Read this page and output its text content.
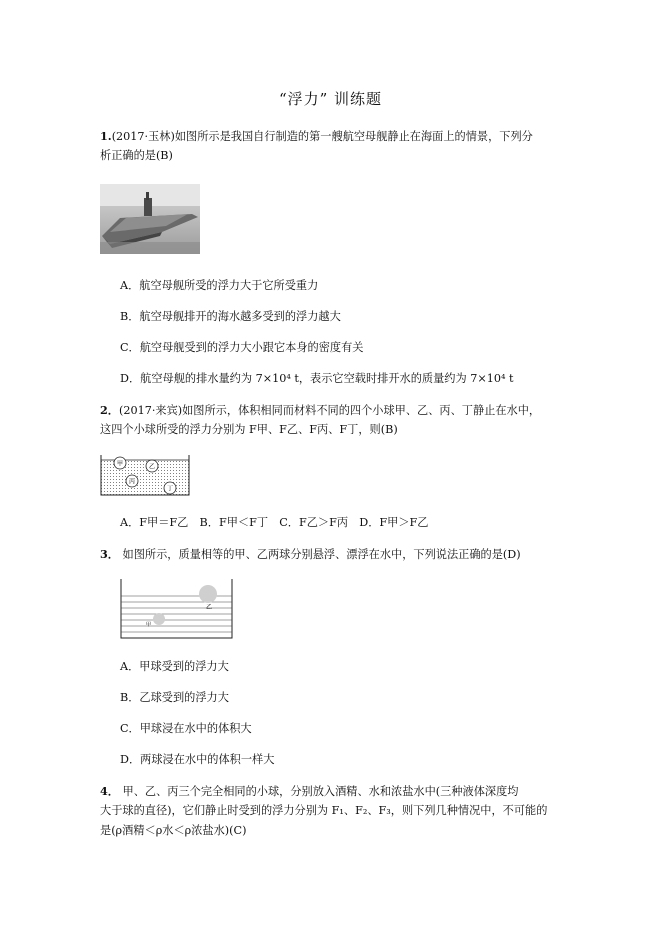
“浮力” 训练题
1.(2017·玉林)如图所示是我国自行制造的第一艘航空母舰静止在海面上的情景，下列分
析正确的是(B)
A．航空母舰所受的浮力大于它所受重力
B．航空母舰排开的海水越多受到的浮力越大
C．航空母舰受到的浮力大小跟它本身的密度有关
D．航空母舰的排水量约为 7×10⁴ t，表示它空载时排开水的质量约为 7×10⁴ t
2．(2017·来宾)如图所示，体积相同而材料不同的四个小球甲、乙、丙、丁静止在水中，
这四个小球所受的浮力分别为 F甲、F乙、F丙、F丁，则(B)
甲	乙
丙
丁
A．F甲＝F乙　B．F甲＜F丁　C．F乙＞F丙　D．F甲＞F乙
3． 如图所示，质量相等的甲、乙两球分别悬浮、漂浮在水中，下列说法正确的是(D)
乙
甲
A．甲球受到的浮力大
B．乙球受到的浮力大
C．甲球浸在水中的体积大
D．两球浸在水中的体积一样大
4． 甲、乙、丙三个完全相同的小球，分别放入酒精、水和浓盐水中(三种液体深度均
大于球的直径)，它们静止时受到的浮力分别为 F₁、F₂、F₃，则下列几种情况中，不可能的
是(ρ酒精＜ρ水＜ρ浓盐水)(C)
